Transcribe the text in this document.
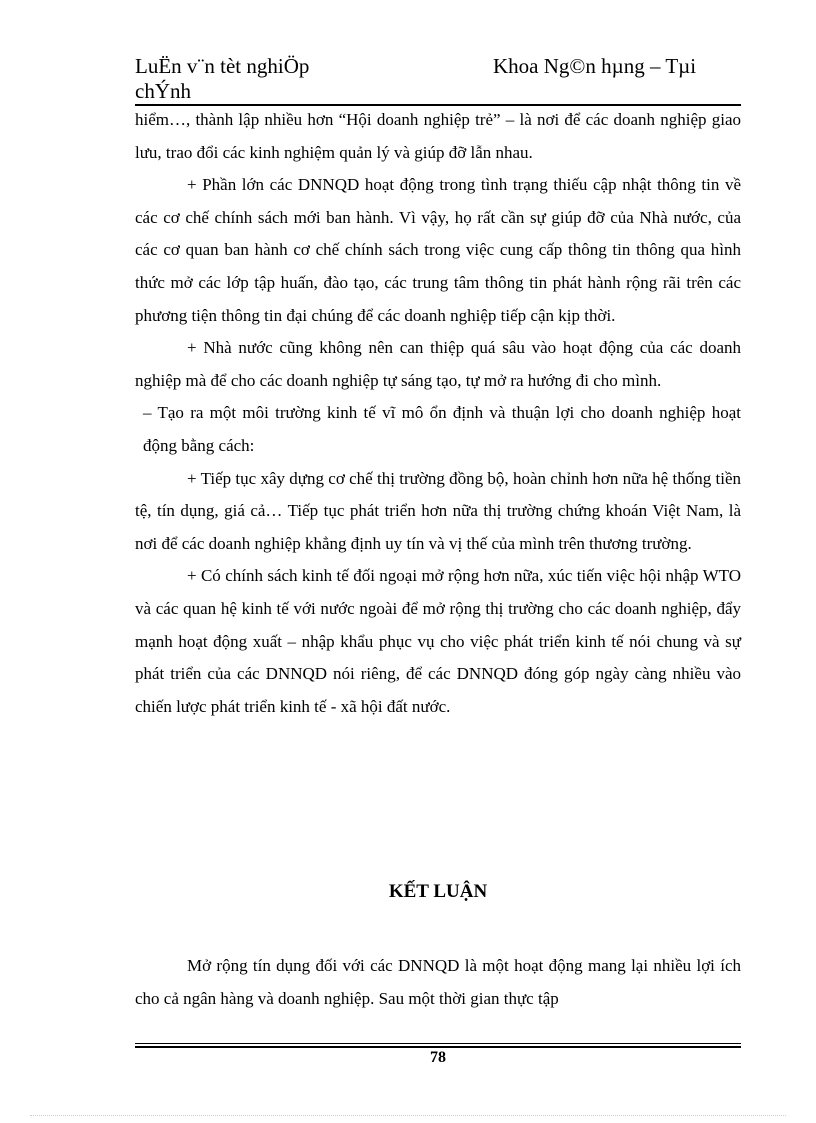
LuËn v¨n tèt nghiÖp chÝnh
Khoa Ng©n hµng – Tµi

hiểm…, thành lập nhiều hơn “Hội doanh nghiệp trẻ” – là nơi để các doanh nghiệp giao lưu, trao đổi các kinh nghiệm quản lý và giúp đỡ lẫn nhau.

+ Phần lớn các DNNQD hoạt động trong tình trạng thiếu cập nhật thông tin về các cơ chế chính sách mới ban hành. Vì vậy, họ rất cần sự giúp đỡ của Nhà nước, của các cơ quan ban hành cơ chế chính sách trong việc cung cấp thông tin thông qua hình thức mở các lớp tập huấn, đào tạo, các trung tâm thông tin phát hành rộng rãi trên các phương tiện thông tin đại chúng để các doanh nghiệp tiếp cận kịp thời.

+ Nhà nước cũng không nên can thiệp quá sâu vào hoạt động của các doanh nghiệp mà để cho các doanh nghiệp tự sáng tạo, tự mở ra hướng đi cho mình.

– Tạo ra một môi trường kinh tế vĩ mô ổn định và thuận lợi cho doanh nghiệp hoạt động bằng cách:

+ Tiếp tục xây dựng cơ chế thị trường đồng bộ, hoàn chỉnh hơn nữa hệ thống tiền tệ, tín dụng, giá cả… Tiếp tục phát triển hơn nữa thị trường chứng khoán Việt Nam, là nơi để các doanh nghiệp khẳng định uy tín và vị thế của mình trên thương trường.

+ Có chính sách kinh tế đối ngoại mở rộng hơn nữa, xúc tiến việc hội nhập WTO và các quan hệ kinh tế với nước ngoài để mở rộng thị trường cho các doanh nghiệp, đẩy mạnh hoạt động xuất – nhập khẩu phục vụ cho việc phát triển kinh tế nói chung và sự phát triển của các DNNQD nói riêng, để các DNNQD đóng góp ngày càng nhiều vào chiến lược phát triển kinh tế - xã hội đất nước.

KẾT LUẬN

Mở rộng tín dụng đối với các DNNQD là một hoạt động mang lại nhiều lợi ích cho cả ngân hàng và doanh nghiệp. Sau một thời gian thực tập

78
